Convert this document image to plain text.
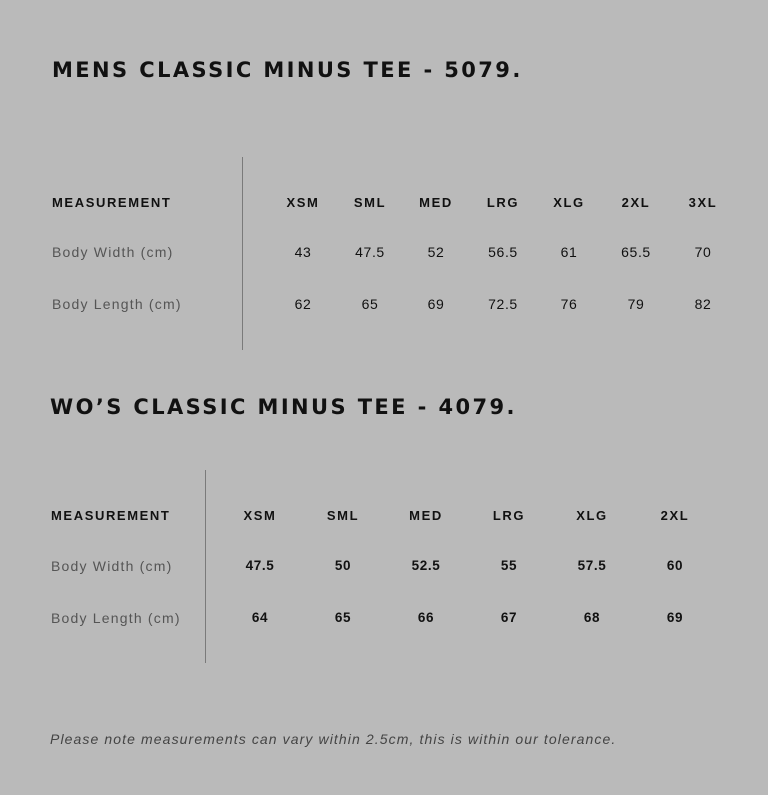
MENS CLASSIC MINUS TEE - 5079.
MEASUREMENT	XSM	SML	MED	LRG	XLG	2XL	3XL
Body Width (cm)	43	47.5	52	56.5	61	65.5	70
Body Length (cm)	62	65	69	72.5	76	79	82
WO’S CLASSIC MINUS TEE - 4079.
MEASUREMENT	XSM	SML	MED	LRG	XLG	2XL
Body Width (cm)	47.5	50	52.5	55	57.5	60
Body Length (cm)	64	65	66	67	68	69
Please note measurements can vary within 2.5cm, this is within our tolerance.
